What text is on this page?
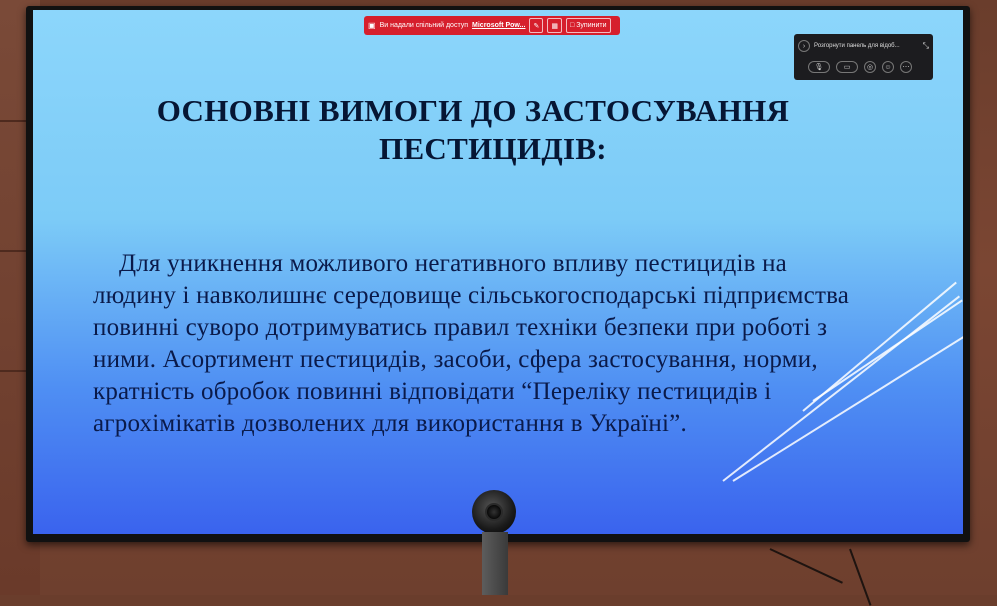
▣ Ви надали спільний доступ Microsoft Pow...	✎	▦ □ Зупинити
›	Розгорнути панель для відоб...	⤡
🎙	▭	◎	☺	⋯
ОСНОВНІ ВИМОГИ ДО ЗАСТОСУВАННЯ
ПЕСТИЦИДІВ:
Для уникнення можливого негативного впливу пестицидів на
людину і навколишнє середовище сільськогосподарські підприємства
повинні суворо дотримуватись правил техніки безпеки при роботі з
ними. Асортимент пестицидів, засоби, сфера застосування, норми,
кратність обробок повинні відповідати “Переліку пестицидів і
агрохімікатів дозволених для використання в Україні”.
